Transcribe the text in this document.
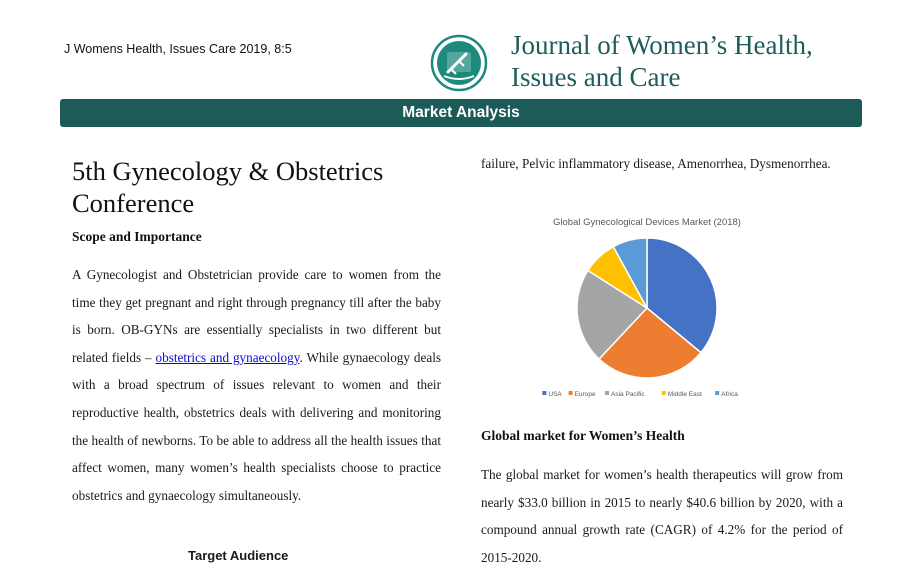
J Womens Health, Issues Care 2019, 8:5	Journal of Women’s Health,
Issues and Care
Market Analysis
5th Gynecology & Obstetrics Conference
Scope and Importance
A Gynecologist and Obstetrician provide care to women from the time they get pregnant and right through pregnancy till after the baby is born. OB-GYNs are essentially specialists in two different but related fields – obstetrics and gynaecology. While gynaecology deals with a broad spectrum of issues relevant to women and their reproductive health, obstetrics deals with delivering and monitoring the health of newborns. To be able to address all the health issues that affect women, many women’s health specialists choose to practice obstetrics and gynaecology simultaneously.
Target Audience
failure, Pelvic inflammatory disease, Amenorrhea, Dysmenorrhea.
Global Gynecological Devices Market (2018)
USA Europe Asia Pacific	Middle East	Africa
Global market for Women’s Health
The global market for women’s health therapeutics will grow from nearly $33.0 billion in 2015 to nearly $40.6 billion by 2020, with a compound annual growth rate (CAGR) of 4.2% for the period of 2015-2020.
